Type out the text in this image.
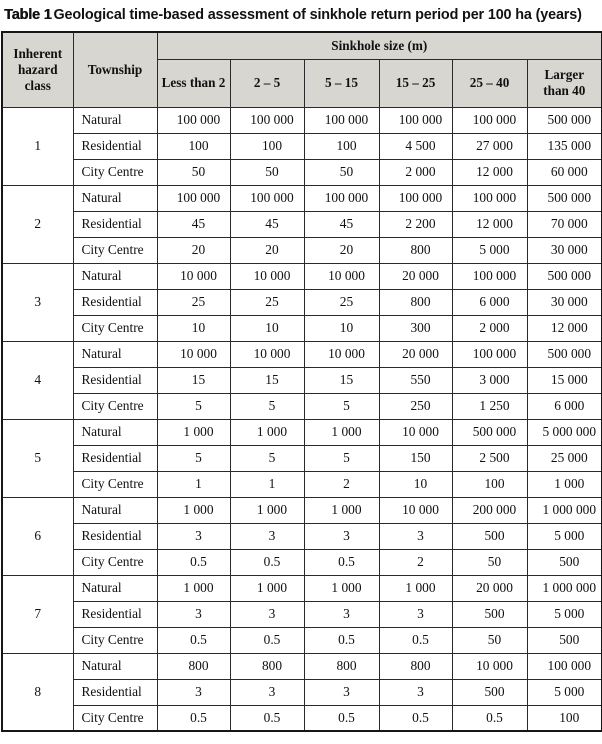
Table 1 Geological time-based assessment of sinkhole return period per 100 ha (years)
Inherent hazard class	Township	Sinkhole size (m)					
		Less than 2	2 – 5	5 – 15	15 – 25	25 – 40	Larger than 40
1	Natural	100 000	100 000	100 000	100 000	100 000	500 000
	Residential	100	100	100	4 500	27 000	135 000
	City Centre	50	50	50	2 000	12 000	60 000
2	Natural	100 000	100 000	100 000	100 000	100 000	500 000
	Residential	45	45	45	2 200	12 000	70 000
	City Centre	20	20	20	800	5 000	30 000
3	Natural	10 000	10 000	10 000	20 000	100 000	500 000
	Residential	25	25	25	800	6 000	30 000
	City Centre	10	10	10	300	2 000	12 000
4	Natural	10 000	10 000	10 000	20 000	100 000	500 000
	Residential	15	15	15	550	3 000	15 000
	City Centre	5	5	5	250	1 250	6 000
5	Natural	1 000	1 000	1 000	10 000	500 000	5 000 000
	Residential	5	5	5	150	2 500	25 000
	City Centre	1	1	2	10	100	1 000
6	Natural	1 000	1 000	1 000	10 000	200 000	1 000 000
	Residential	3	3	3	3	500	5 000
	City Centre	0.5	0.5	0.5	2	50	500
7	Natural	1 000	1 000	1 000	1 000	20 000	1 000 000
	Residential	3	3	3	3	500	5 000
	City Centre	0.5	0.5	0.5	0.5	50	500
8	Natural	800	800	800	800	10 000	100 000
	Residential	3	3	3	3	500	5 000
	City Centre	0.5	0.5	0.5	0.5	0.5	100
